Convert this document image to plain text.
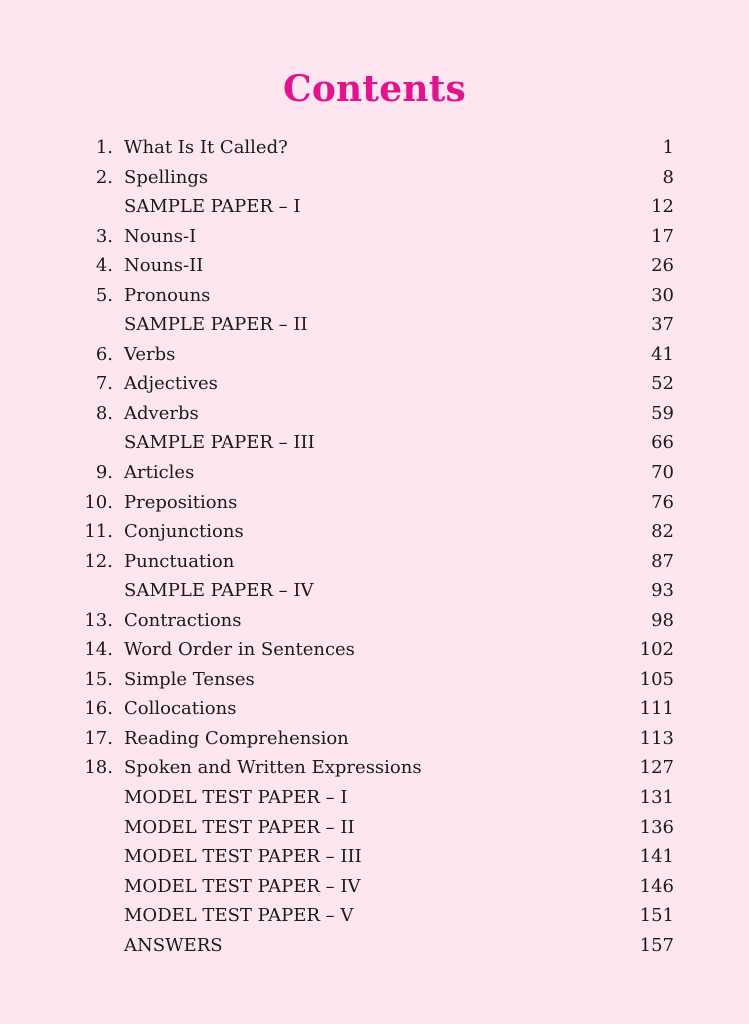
Contents
1. What Is It Called?	1
2. Spellings	8
SAMPLE PAPER – I	12
3. Nouns-I	17
4. Nouns-II	26
5. Pronouns	30
SAMPLE PAPER – II	37
6. Verbs	41
7. Adjectives	52
8. Adverbs	59
SAMPLE PAPER – III	66
9. Articles	70
10. Prepositions	76
11. Conjunctions	82
12. Punctuation	87
SAMPLE PAPER – IV	93
13. Contractions	98
14. Word Order in Sentences	102
15. Simple Tenses	105
16. Collocations	111
17. Reading Comprehension	113
18. Spoken and Written Expressions	127
MODEL TEST PAPER – I	131
MODEL TEST PAPER – II	136
MODEL TEST PAPER – III	141
MODEL TEST PAPER – IV	146
MODEL TEST PAPER – V	151
ANSWERS	157
